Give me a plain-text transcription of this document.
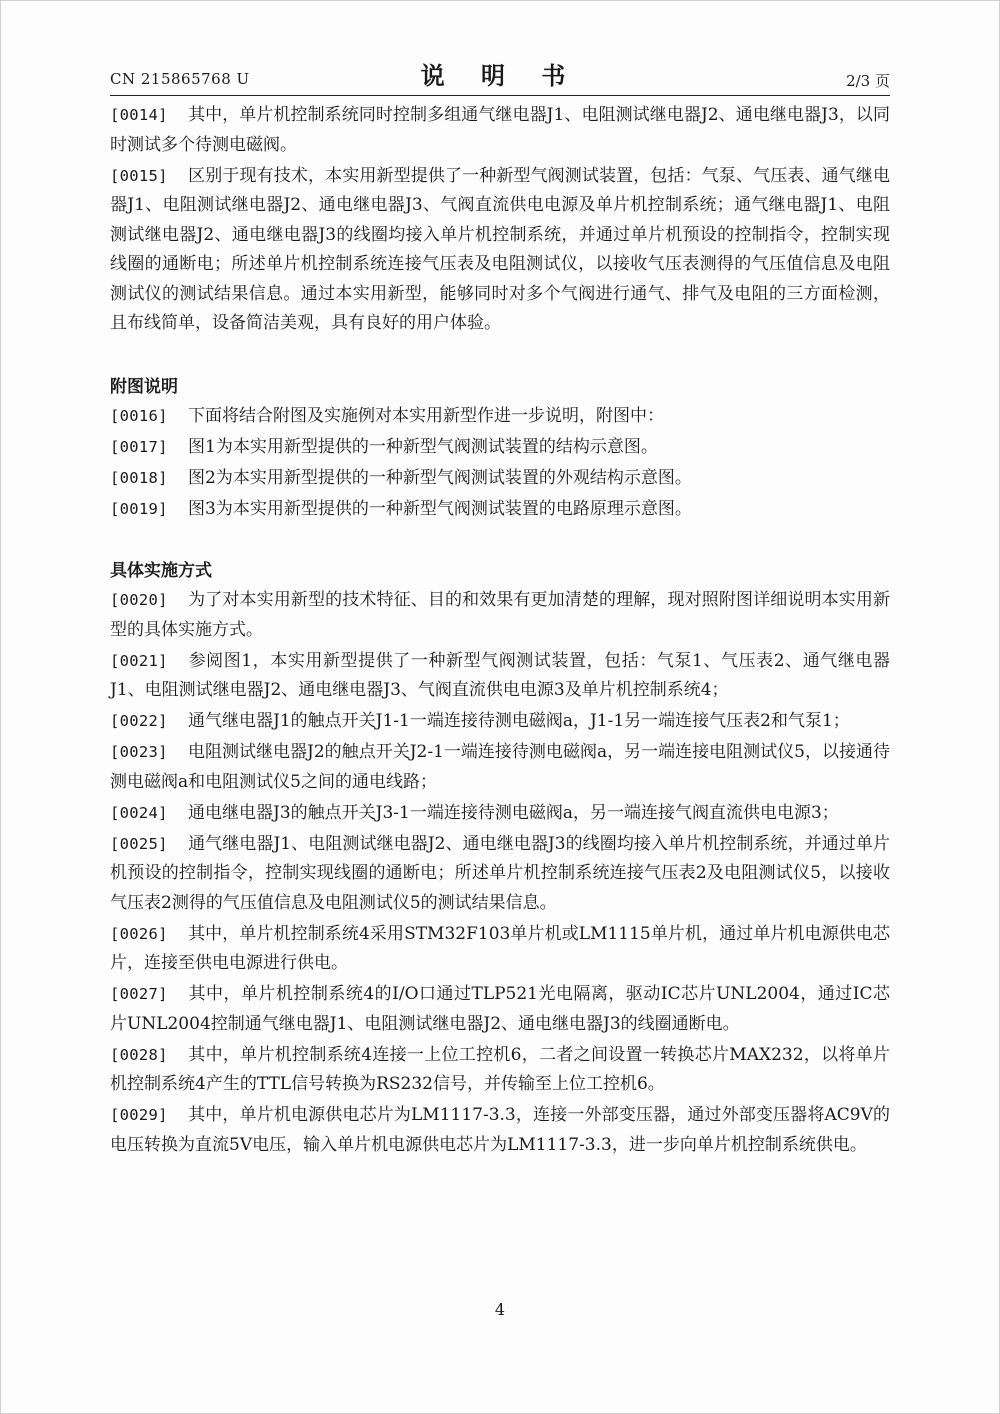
CN 215865768 U	说 明 书	2/3 页

[0014] 其中，单片机控制系统同时控制多组通气继电器J1、电阻测试继电器J2、通电继电器J3，以同时测试多个待测电磁阀。

[0015] 区别于现有技术，本实用新型提供了一种新型气阀测试装置，包括：气泵、气压表、通气继电器J1、电阻测试继电器J2、通电继电器J3、气阀直流供电电源及单片机控制系统；通气继电器J1、电阻测试继电器J2、通电继电器J3的线圈均接入单片机控制系统，并通过单片机预设的控制指令，控制实现线圈的通断电；所述单片机控制系统连接气压表及电阻测试仪，以接收气压表测得的气压值信息及电阻测试仪的测试结果信息。通过本实用新型，能够同时对多个气阀进行通气、排气及电阻的三方面检测，且布线简单，设备简洁美观，具有良好的用户体验。

附图说明

[0016] 下面将结合附图及实施例对本实用新型作进一步说明，附图中：

[0017] 图1为本实用新型提供的一种新型气阀测试装置的结构示意图。

[0018] 图2为本实用新型提供的一种新型气阀测试装置的外观结构示意图。

[0019] 图3为本实用新型提供的一种新型气阀测试装置的电路原理示意图。

具体实施方式

[0020] 为了对本实用新型的技术特征、目的和效果有更加清楚的理解，现对照附图详细说明本实用新型的具体实施方式。

[0021] 参阅图1，本实用新型提供了一种新型气阀测试装置，包括：气泵1、气压表2、通气继电器J1、电阻测试继电器J2、通电继电器J3、气阀直流供电电源3及单片机控制系统4；

[0022] 通气继电器J1的触点开关J1-1一端连接待测电磁阀a，J1-1另一端连接气压表2和气泵1；

[0023] 电阻测试继电器J2的触点开关J2-1一端连接待测电磁阀a，另一端连接电阻测试仪5，以接通待测电磁阀a和电阻测试仪5之间的通电线路；

[0024] 通电继电器J3的触点开关J3-1一端连接待测电磁阀a，另一端连接气阀直流供电电源3；

[0025] 通气继电器J1、电阻测试继电器J2、通电继电器J3的线圈均接入单片机控制系统，并通过单片机预设的控制指令，控制实现线圈的通断电；所述单片机控制系统连接气压表2及电阻测试仪5，以接收气压表2测得的气压值信息及电阻测试仪5的测试结果信息。

[0026] 其中，单片机控制系统4采用STM32F103单片机或LM1115单片机，通过单片机电源供电芯片，连接至供电电源进行供电。

[0027] 其中，单片机控制系统4的I/O口通过TLP521光电隔离，驱动IC芯片UNL2004，通过IC芯片UNL2004控制通气继电器J1、电阻测试继电器J2、通电继电器J3的线圈通断电。

[0028] 其中，单片机控制系统4连接一上位工控机6，二者之间设置一转换芯片MAX232，以将单片机控制系统4产生的TTL信号转换为RS232信号，并传输至上位工控机6。

[0029] 其中，单片机电源供电芯片为LM1117-3.3，连接一外部变压器，通过外部变压器将AC9V的电压转换为直流5V电压，输入单片机电源供电芯片为LM1117-3.3，进一步向单片机控制系统供电。

4
